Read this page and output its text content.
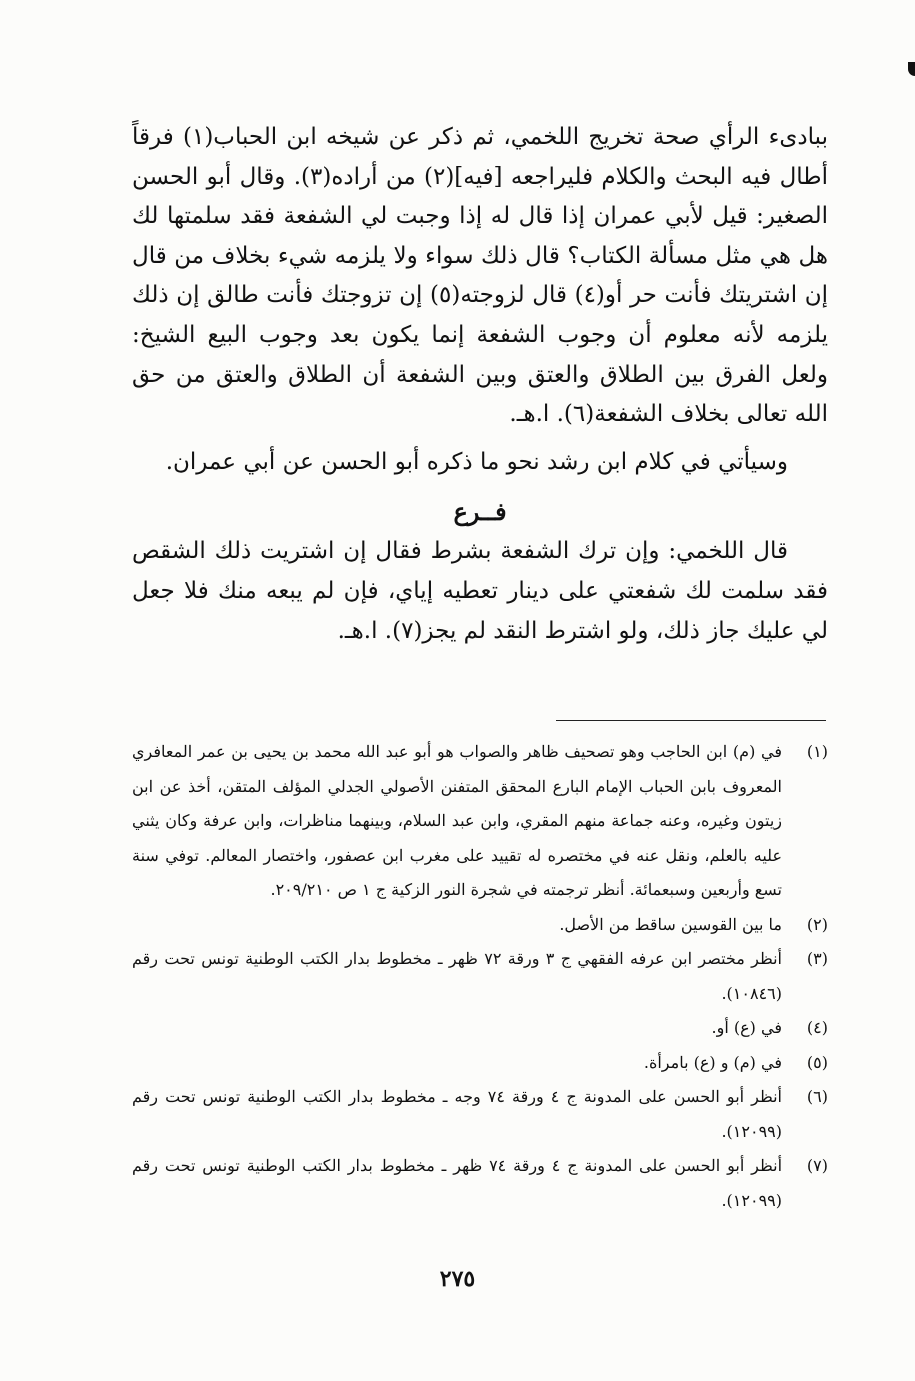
ببادىء الرأي صحة تخريج اللخمي، ثم ذكر عن شيخه ابن الحباب(١) فرقاً أطال فيه البحث والكلام فليراجعه [فيه](٢) من أراده(٣). وقال أبو الحسن الصغير: قيل لأبي عمران إذا قال له إذا وجبت لي الشفعة فقد سلمتها لك هل هي مثل مسألة الكتاب؟ قال ذلك سواء ولا يلزمه شيء بخلاف من قال إن اشتريتك فأنت حر أو(٤) قال لزوجته(٥) إن تزوجتك فأنت طالق إن ذلك يلزمه لأنه معلوم أن وجوب الشفعة إنما يكون بعد وجوب البيع الشيخ: ولعل الفرق بين الطلاق والعتق وبين الشفعة أن الطلاق والعتق من حق الله تعالى بخلاف الشفعة(٦). ا.هـ.

وسيأتي في كلام ابن رشد نحو ما ذكره أبو الحسن عن أبي عمران.

فــرع

قال اللخمي: وإن ترك الشفعة بشرط فقال إن اشتريت ذلك الشقص فقد سلمت لك شفعتي على دينار تعطيه إياي، فإن لم يبعه منك فلا جعل لي عليك جاز ذلك، ولو اشترط النقد لم يجز(٧). ا.هـ.

(١)
في (م) ابن الحاجب وهو تصحيف ظاهر والصواب هو أبو عبد الله محمد بن يحيى بن عمر المعافري المعروف بابن الحباب الإمام البارع المحقق المتفنن الأصولي الجدلي المؤلف المتقن، أخذ عن ابن زيتون وغيره، وعنه جماعة منهم المقري، وابن عبد السلام، وبينهما مناظرات، وابن عرفة وكان يثني عليه بالعلم، ونقل عنه في مختصره له تقييد على مغرب ابن عصفور، واختصار المعالم. توفي سنة تسع وأربعين وسبعمائة. أنظر ترجمته في شجرة النور الزكية ج ١ ص ٢٠٩/٢١٠.
(٢)
ما بين القوسين ساقط من الأصل.
(٣)
أنظر مختصر ابن عرفه الفقهي ج ٣ ورقة ٧٢ ظهر ـ مخطوط بدار الكتب الوطنية تونس تحت رقم (١٠٨٤٦).
(٤)
في (ع) أو.
(٥)
في (م) و (ع) بامرأة.
(٦)
أنظر أبو الحسن على المدونة ج ٤ ورقة ٧٤ وجه ـ مخطوط بدار الكتب الوطنية تونس تحت رقم (١٢٠٩٩).
(٧)
أنظر أبو الحسن على المدونة ج ٤ ورقة ٧٤ ظهر ـ مخطوط بدار الكتب الوطنية تونس تحت رقم (١٢٠٩٩).
٢٧٥
